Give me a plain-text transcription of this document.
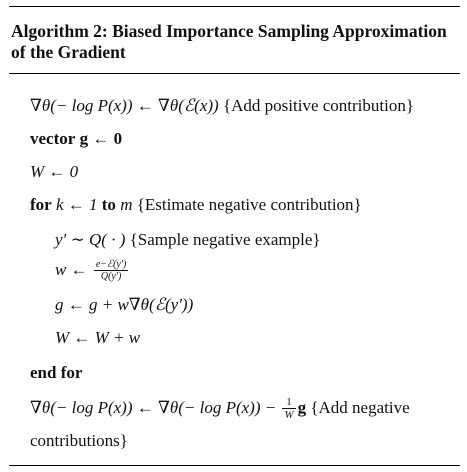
Algorithm 2: Biased Importance Sampling Approximation of the Gradient
∇θ(− log P(x)) ← ∇θ(ℰ(x)) {Add positive contribution}
vector g ← 0
W ← 0
for k ← 1 to m {Estimate negative contribution}
y′ ∼ Q( · ) {Sample negative example}
w ← $\frac{\text{e−ℰ(y′)}}{Q(y')}$
g ← g + w∇θ(ℰ(y′))
W ← W + w
end for
∇θ(− log P(x)) ← $\nabla\theta(- \log P(x)) - \frac{1}{W}$ g {Add negative
contributions}
